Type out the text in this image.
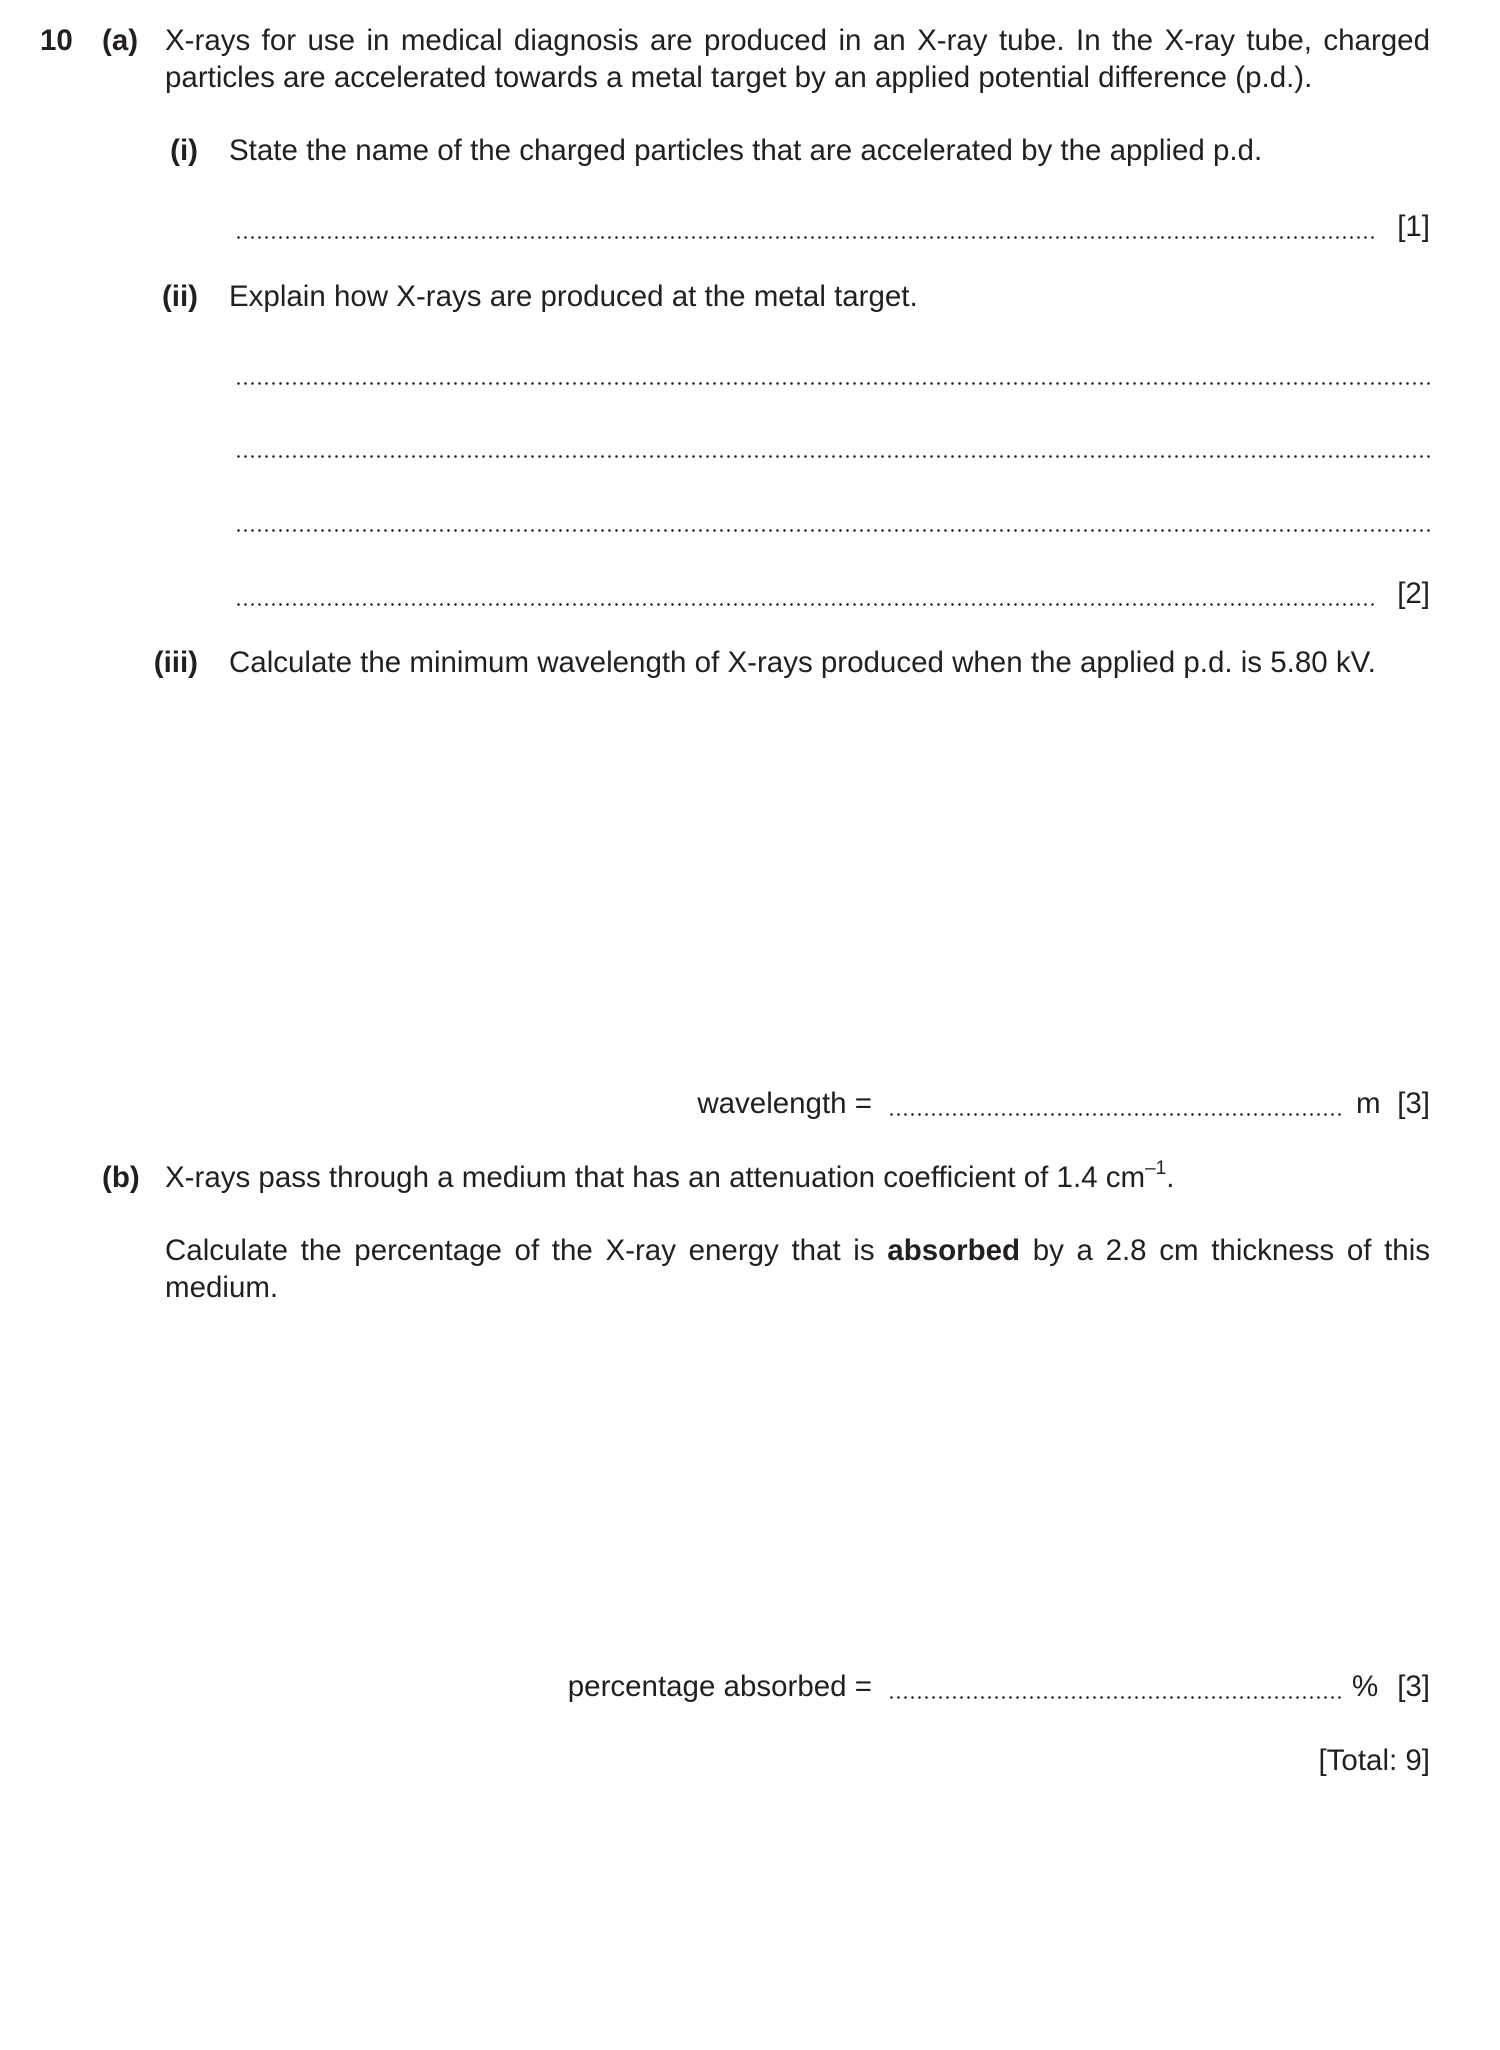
10 (a) X-rays for use in medical diagnosis are produced in an X-ray tube. In the X-ray tube, charged
particles are accelerated towards a metal target by an applied potential difference (p.d.).
(i) State the name of the charged particles that are accelerated by the applied p.d.
[1]
(ii) Explain how X-rays are produced at the metal target.
[2]
(iii) Calculate the minimum wavelength of X-rays produced when the applied p.d. is 5.80 kV.
wavelength =	m [3]
(b) X-rays pass through a medium that has an attenuation coefficient of 1.4 $cm^{-1}$.
Calculate the percentage of the X-ray energy that is absorbed by a 2.8 cm thickness of this
medium.
percentage absorbed =	% [3]
[Total: 9]
